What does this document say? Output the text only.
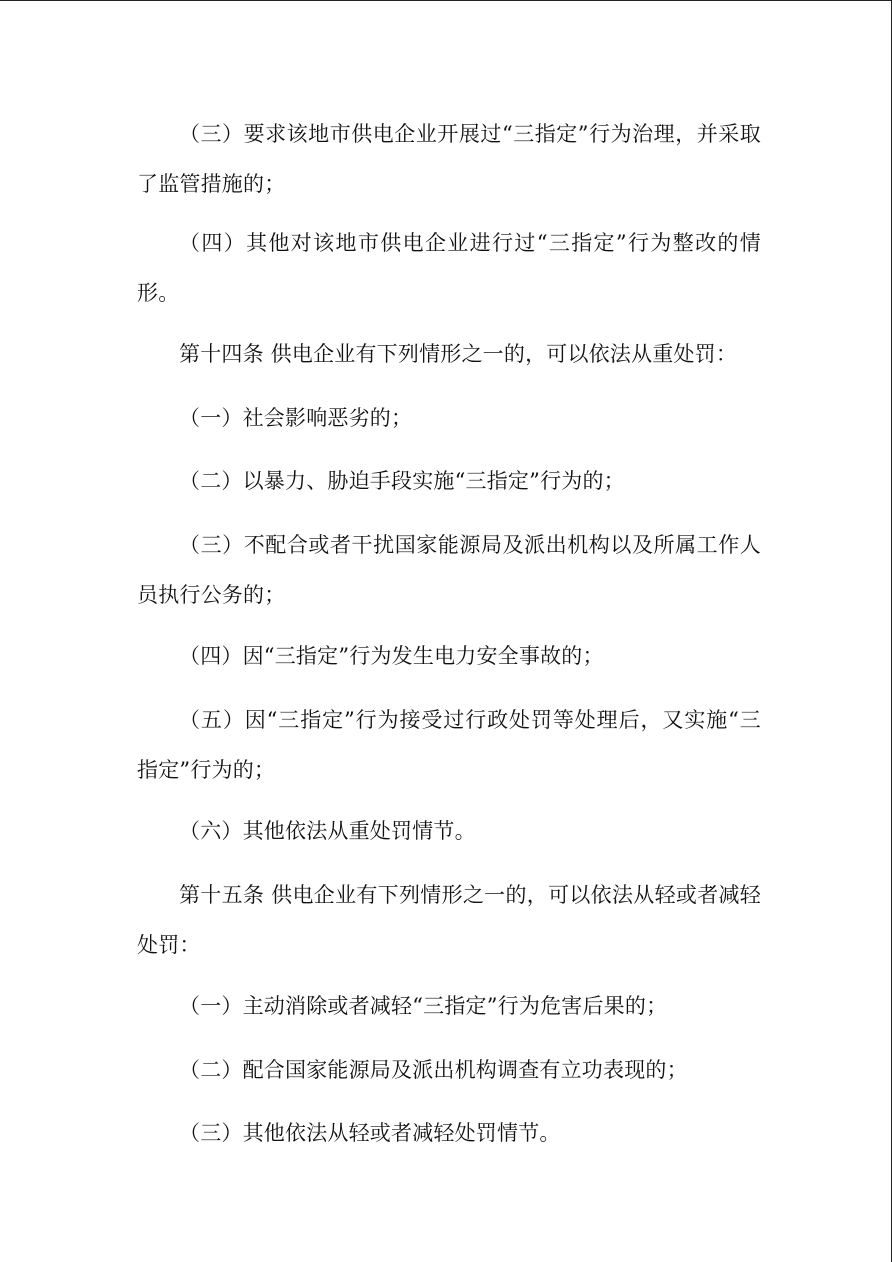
（三）要求该地市供电企业开展过“三指定”行为治理，并采取了监管措施的；

（四）其他对该地市供电企业进行过“三指定”行为整改的情形。

第十四条 供电企业有下列情形之一的，可以依法从重处罚：

（一）社会影响恶劣的；

（二）以暴力、胁迫手段实施“三指定”行为的；

（三）不配合或者干扰国家能源局及派出机构以及所属工作人员执行公务的；

（四）因“三指定”行为发生电力安全事故的；

（五）因“三指定”行为接受过行政处罚等处理后，又实施“三指定”行为的；

（六）其他依法从重处罚情节。

第十五条 供电企业有下列情形之一的，可以依法从轻或者减轻处罚：

（一）主动消除或者减轻“三指定”行为危害后果的；

（二）配合国家能源局及派出机构调查有立功表现的；

（三）其他依法从轻或者减轻处罚情节。
